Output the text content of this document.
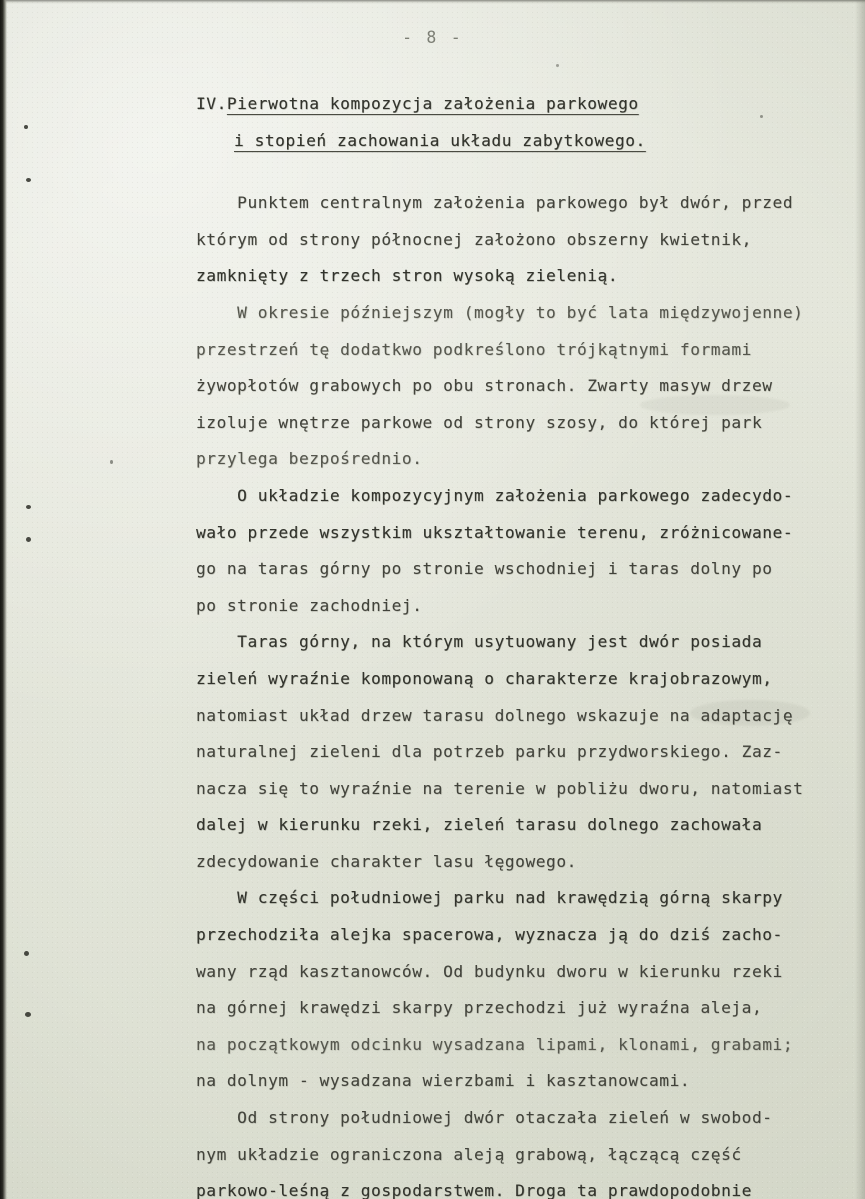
- 8 -
IV.Pierwotna kompozycja założenia parkowego
i stopień zachowania układu zabytkowego.
Punktem centralnym założenia parkowego był dwór, przed
którym od strony północnej założono obszerny kwietnik,
zamknięty z trzech stron wysoką zielenią.
W okresie późniejszym (mogły to być lata międzywojenne)
przestrzeń tę dodatkwo podkreślono trójkątnymi formami
żywopłotów grabowych po obu stronach. Zwarty masyw drzew
izoluje wnętrze parkowe od strony szosy, do której park
przylega bezpośrednio.
O układzie kompozycyjnym założenia parkowego zadecydo-
wało przede wszystkim ukształtowanie terenu, zróżnicowane-
go na taras górny po stronie wschodniej i taras dolny po
po stronie zachodniej.
Taras górny, na którym usytuowany jest dwór posiada
zieleń wyraźnie komponowaną o charakterze krajobrazowym,
natomiast układ drzew tarasu dolnego wskazuje na adaptację
naturalnej zieleni dla potrzeb parku przydworskiego. Zaz-
nacza się to wyraźnie na terenie w pobliżu dworu, natomiast
dalej w kierunku rzeki, zieleń tarasu dolnego zachowała
zdecydowanie charakter lasu łęgowego.
W części południowej parku nad krawędzią górną skarpy
przechodziła alejka spacerowa, wyznacza ją do dziś zacho-
wany rząd kasztanowców. Od budynku dworu w kierunku rzeki
na górnej krawędzi skarpy przechodzi już wyraźna aleja,
na początkowym odcinku wysadzana lipami, klonami, grabami;
na dolnym - wysadzana wierzbami i kasztanowcami.
Od strony południowej dwór otaczała zieleń w swobod-
nym układzie ograniczona aleją grabową, łączącą część
parkowo-leśną z gospodarstwem. Droga ta prawdopodobnie
